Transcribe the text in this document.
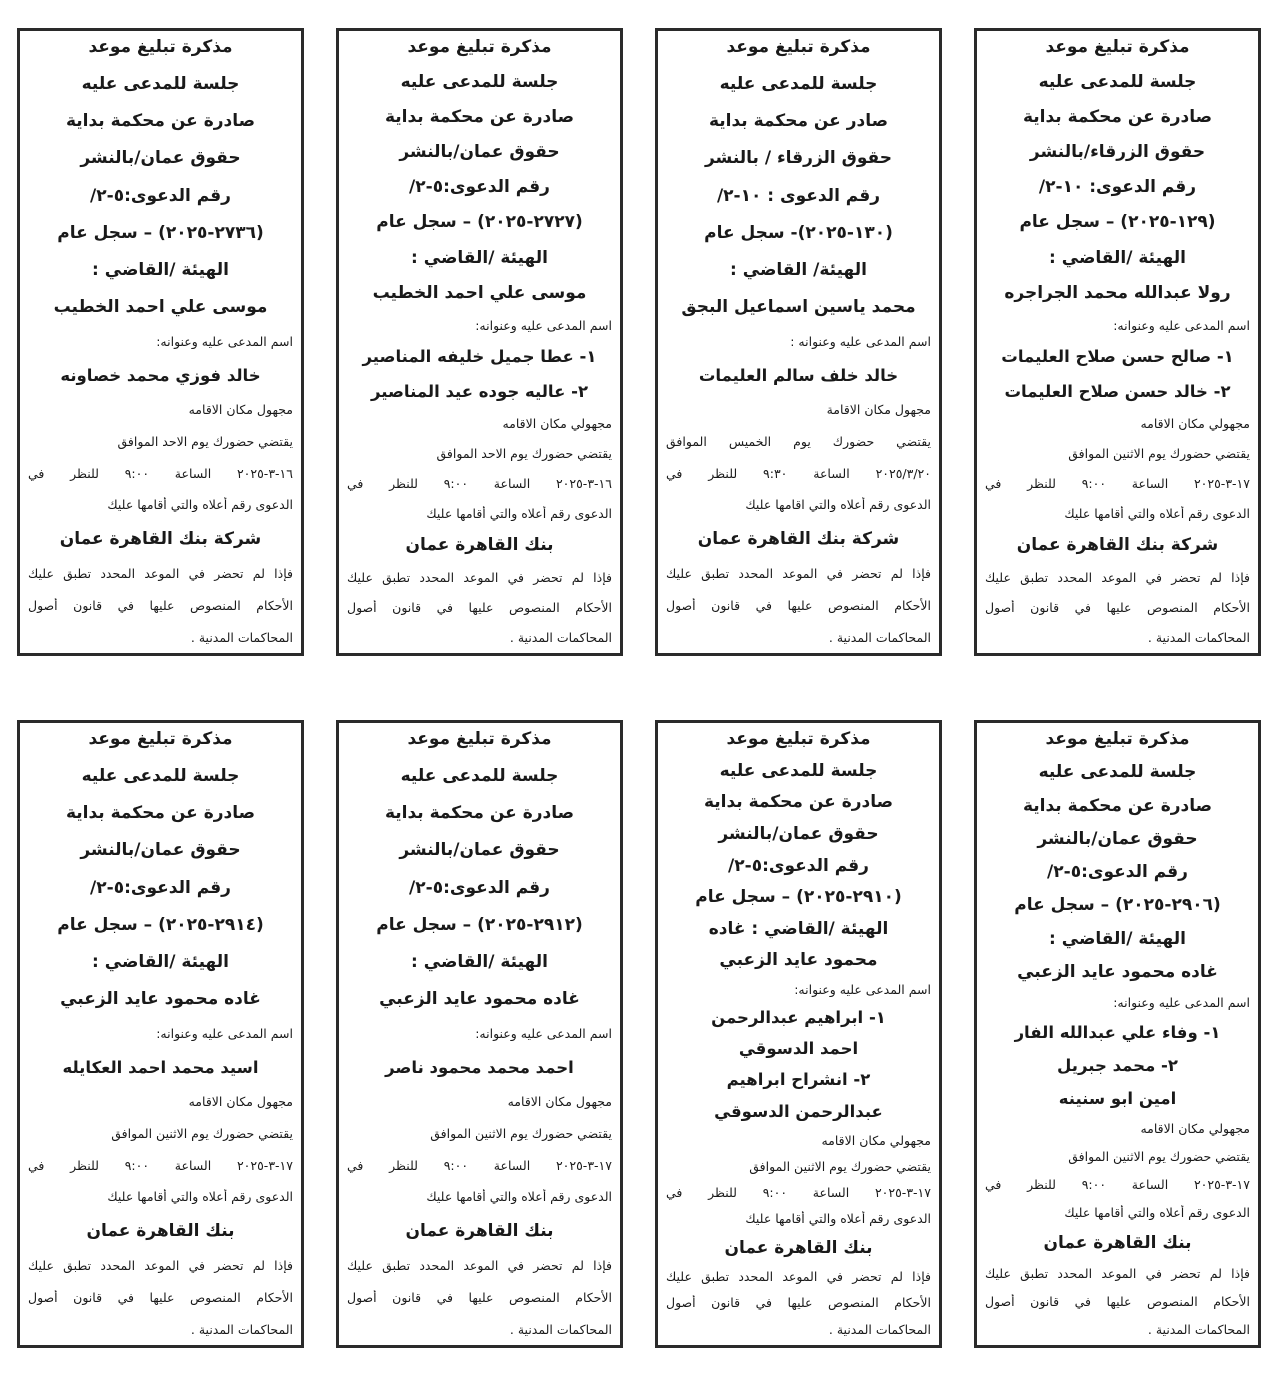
مذكرة تبليغ موعد
جلسة للمدعى عليه
صادرة عن محكمة بداية
حقوق الزرقاء/بالنشر
رقم الدعوى: ١٠-٢/
(١٢٩-٢٠٢٥) – سجل عام
الهيئة /القاضي :
رولا عبدالله محمد الجراجره
اسم المدعى عليه وعنوانه:
١- صالح حسن صلاح العليمات
٢- خالد حسن صلاح العليمات
مجهولي مكان الاقامه
يقتضي حضورك يوم الاثنين الموافق
١٧-٣-٢٠٢٥ الساعة ٩:٠٠ للنظر في
الدعوى رقم أعلاه والتي أقامها عليك
شركة بنك القاهرة عمان
فإذا لم تحضر في الموعد المحدد تطبق عليك
الأحكام المنصوص عليها في قانون أصول
المحاكمات المدنية .
مذكرة تبليغ موعد
جلسة للمدعى عليه
صادر عن محكمة بداية
حقوق الزرقاء / بالنشر
رقم الدعوى : ١٠-٢/
(١٣٠-٢٠٢٥)- سجل عام
الهيئة/ القاضي :
محمد ياسين اسماعيل البجق
اسم المدعى عليه وعنوانه :
خالد خلف سالم العليمات
مجهول مكان الاقامة
يقتضي حضورك يوم الخميس الموافق
٢٠٢٥/٣/٢٠ الساعة ٩:٣٠ للنظر في
الدعوى رقم أعلاه والتي اقامها عليك
شركة بنك القاهرة عمان
فإذا لم تحضر في الموعد المحدد تطبق عليك
الأحكام المنصوص عليها في قانون أصول
المحاكمات المدنية .
مذكرة تبليغ موعد
جلسة للمدعى عليه
صادرة عن محكمة بداية
حقوق عمان/بالنشر
رقم الدعوى:٥-٢/
(٢٧٢٧-٢٠٢٥) – سجل عام
الهيئة /القاضي :
موسى علي احمد الخطيب
اسم المدعى عليه وعنوانه:
١- عطا جميل خليفه المناصير
٢- عاليه جوده عيد المناصير
مجهولي مكان الاقامه
يقتضي حضورك يوم الاحد الموافق
١٦-٣-٢٠٢٥ الساعة ٩:٠٠ للنظر في
الدعوى رقم أعلاه والتي أقامها عليك
بنك القاهرة عمان
فإذا لم تحضر في الموعد المحدد تطبق عليك
الأحكام المنصوص عليها في قانون أصول
المحاكمات المدنية .
مذكرة تبليغ موعد
جلسة للمدعى عليه
صادرة عن محكمة بداية
حقوق عمان/بالنشر
رقم الدعوى:٥-٢/
(٢٧٣٦-٢٠٢٥) – سجل عام
الهيئة /القاضي :
موسى علي احمد الخطيب
اسم المدعى عليه وعنوانه:
خالد فوزي محمد خصاونه
مجهول مكان الاقامه
يقتضي حضورك يوم الاحد الموافق
١٦-٣-٢٠٢٥ الساعة ٩:٠٠ للنظر في
الدعوى رقم أعلاه والتي أقامها عليك
شركة بنك القاهرة عمان
فإذا لم تحضر في الموعد المحدد تطبق عليك
الأحكام المنصوص عليها في قانون أصول
المحاكمات المدنية .
مذكرة تبليغ موعد
جلسة للمدعى عليه
صادرة عن محكمة بداية
حقوق عمان/بالنشر
رقم الدعوى:٥-٢/
(٢٩٠٦-٢٠٢٥) – سجل عام
الهيئة /القاضي :
غاده محمود عايد الزعبي
اسم المدعى عليه وعنوانه:
١- وفاء علي عبدالله الفار
٢- محمد جبريل
امين ابو سنينه
مجهولي مكان الاقامه
يقتضي حضورك يوم الاثنين الموافق
١٧-٣-٢٠٢٥ الساعة ٩:٠٠ للنظر في
الدعوى رقم أعلاه والتي أقامها عليك
بنك القاهرة عمان
فإذا لم تحضر في الموعد المحدد تطبق عليك
الأحكام المنصوص عليها في قانون أصول
المحاكمات المدنية .
مذكرة تبليغ موعد
جلسة للمدعى عليه
صادرة عن محكمة بداية
حقوق عمان/بالنشر
رقم الدعوى:٥-٢/
(٢٩١٠-٢٠٢٥) – سجل عام
الهيئة /القاضي : غاده
محمود عايد الزعبي
اسم المدعى عليه وعنوانه:
١- ابراهيم عبدالرحمن
احمد الدسوقي
٢- انشراح ابراهيم
عبدالرحمن الدسوقي
مجهولي مكان الاقامه
يقتضي حضورك يوم الاثنين الموافق
١٧-٣-٢٠٢٥ الساعة ٩:٠٠ للنظر في
الدعوى رقم أعلاه والتي أقامها عليك
بنك القاهرة عمان
فإذا لم تحضر في الموعد المحدد تطبق عليك
الأحكام المنصوص عليها في قانون أصول
المحاكمات المدنية .
مذكرة تبليغ موعد
جلسة للمدعى عليه
صادرة عن محكمة بداية
حقوق عمان/بالنشر
رقم الدعوى:٥-٢/
(٢٩١٢-٢٠٢٥) – سجل عام
الهيئة /القاضي :
غاده محمود عايد الزعبي
اسم المدعى عليه وعنوانه:
احمد محمد محمود ناصر
مجهول مكان الاقامه
يقتضي حضورك يوم الاثنين الموافق
١٧-٣-٢٠٢٥ الساعة ٩:٠٠ للنظر في
الدعوى رقم أعلاه والتي أقامها عليك
بنك القاهرة عمان
فإذا لم تحضر في الموعد المحدد تطبق عليك
الأحكام المنصوص عليها في قانون أصول
المحاكمات المدنية .
مذكرة تبليغ موعد
جلسة للمدعى عليه
صادرة عن محكمة بداية
حقوق عمان/بالنشر
رقم الدعوى:٥-٢/
(٢٩١٤-٢٠٢٥) – سجل عام
الهيئة /القاضي :
غاده محمود عايد الزعبي
اسم المدعى عليه وعنوانه:
اسيد محمد احمد العكايله
مجهول مكان الاقامه
يقتضي حضورك يوم الاثنين الموافق
١٧-٣-٢٠٢٥ الساعة ٩:٠٠ للنظر في
الدعوى رقم أعلاه والتي أقامها عليك
بنك القاهرة عمان
فإذا لم تحضر في الموعد المحدد تطبق عليك
الأحكام المنصوص عليها في قانون أصول
المحاكمات المدنية .
